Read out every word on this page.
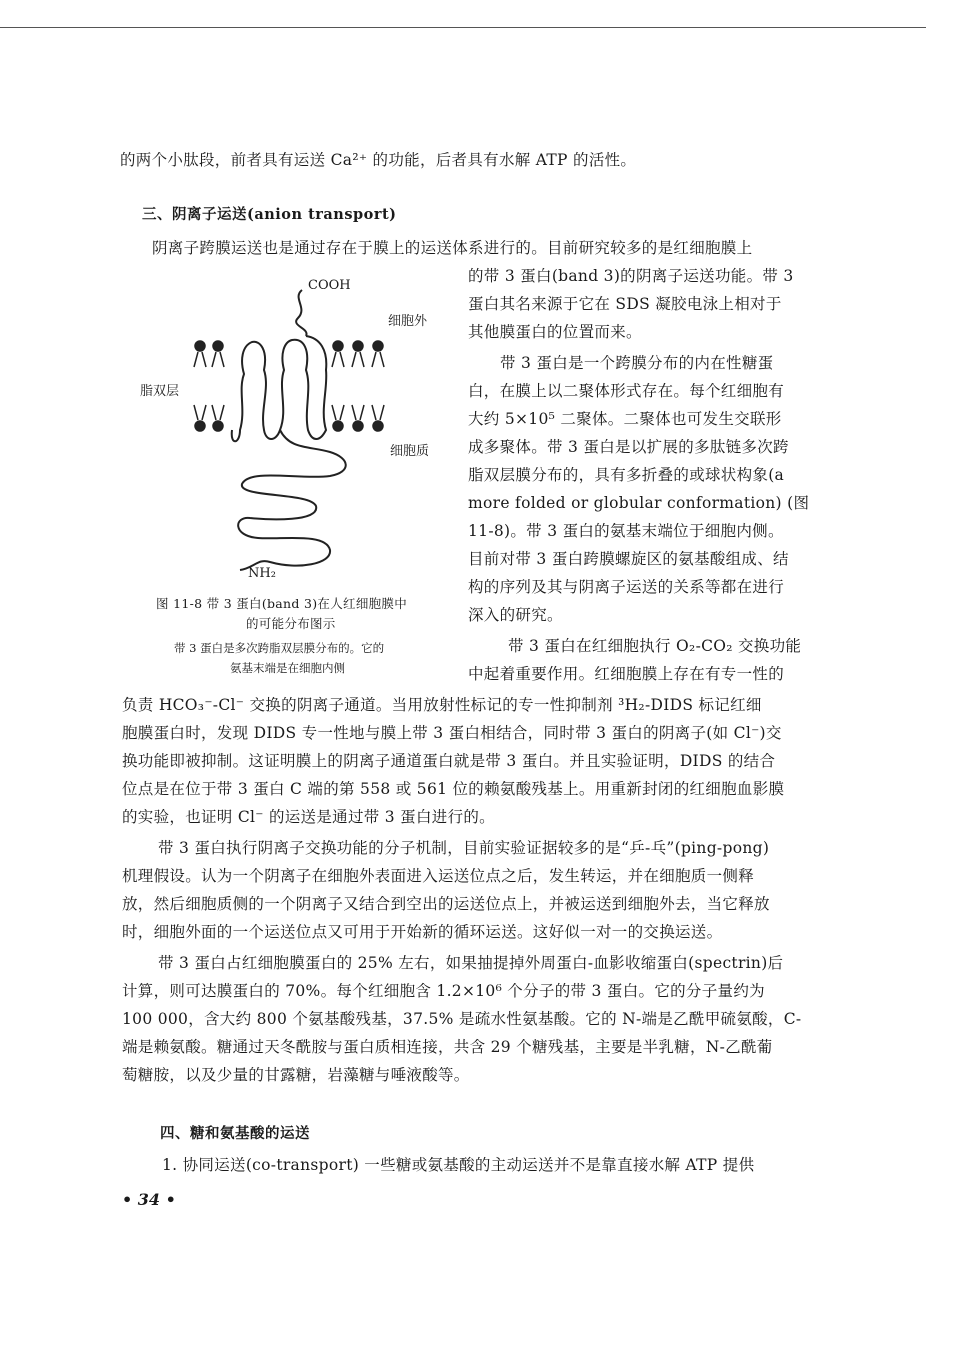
的两个小肽段，前者具有运送 Ca²⁺ 的功能，后者具有水解 ATP 的活性。
三、阴离子运送(anion transport)
阴离子跨膜运送也是通过存在于膜上的运送体系进行的。目前研究较多的是红细胞膜上
的带 3 蛋白(band 3)的阴离子运送功能。带 3
蛋白其名来源于它在 SDS 凝胶电泳上相对于
其他膜蛋白的位置而来。
带 3 蛋白是一个跨膜分布的内在性糖蛋
白，在膜上以二聚体形式存在。每个红细胞有
大约 5×10⁵ 二聚体。二聚体也可发生交联形
成多聚体。带 3 蛋白是以扩展的多肽链多次跨
脂双层膜分布的，具有多折叠的或球状构象(a
more folded or globular conformation) (图
11-8)。带 3 蛋白的氨基末端位于细胞内侧。
目前对带 3 蛋白跨膜螺旋区的氨基酸组成、结
构的序列及其与阴离子运送的关系等都在进行
深入的研究。
带 3 蛋白在红细胞执行 O₂-CO₂ 交换功能
中起着重要作用。红细胞膜上存在有专一性的
COOH
细胞外
脂双层
细胞质
NH₂
图 11-8 带 3 蛋白(band 3)在人红细胞膜中
的可能分布图示
带 3 蛋白是多次跨脂双层膜分布的。它的
氨基末端是在细胞内侧
负责 HCO₃⁻-Cl⁻ 交换的阴离子通道。当用放射性标记的专一性抑制剂 ³H₂-DIDS 标记红细
胞膜蛋白时，发现 DIDS 专一性地与膜上带 3 蛋白相结合，同时带 3 蛋白的阴离子(如 Cl⁻)交
换功能即被抑制。这证明膜上的阴离子通道蛋白就是带 3 蛋白。并且实验证明，DIDS 的结合
位点是在位于带 3 蛋白 C 端的第 558 或 561 位的赖氨酸残基上。用重新封闭的红细胞血影膜
的实验，也证明 Cl⁻ 的运送是通过带 3 蛋白进行的。
带 3 蛋白执行阴离子交换功能的分子机制，目前实验证据较多的是“乒-乓”(ping-pong)
机理假设。认为一个阴离子在细胞外表面进入运送位点之后，发生转运，并在细胞质一侧释
放，然后细胞质侧的一个阴离子又结合到空出的运送位点上，并被运送到细胞外去，当它释放
时，细胞外面的一个运送位点又可用于开始新的循环运送。这好似一对一的交换运送。
带 3 蛋白占红细胞膜蛋白的 25% 左右，如果抽提掉外周蛋白-血影收缩蛋白(spectrin)后
计算，则可达膜蛋白的 70%。每个红细胞含 1.2×10⁶ 个分子的带 3 蛋白。它的分子量约为
100 000，含大约 800 个氨基酸残基，37.5% 是疏水性氨基酸。它的 N-端是乙酰甲硫氨酸，C-
端是赖氨酸。糖通过天冬酰胺与蛋白质相连接，共含 29 个糖残基，主要是半乳糖，N-乙酰葡
萄糖胺，以及少量的甘露糖，岩藻糖与唾液酸等。
四、糖和氨基酸的运送
1. 协同运送(co-transport) 一些糖或氨基酸的主动运送并不是靠直接水解 ATP 提供
• 34 •
